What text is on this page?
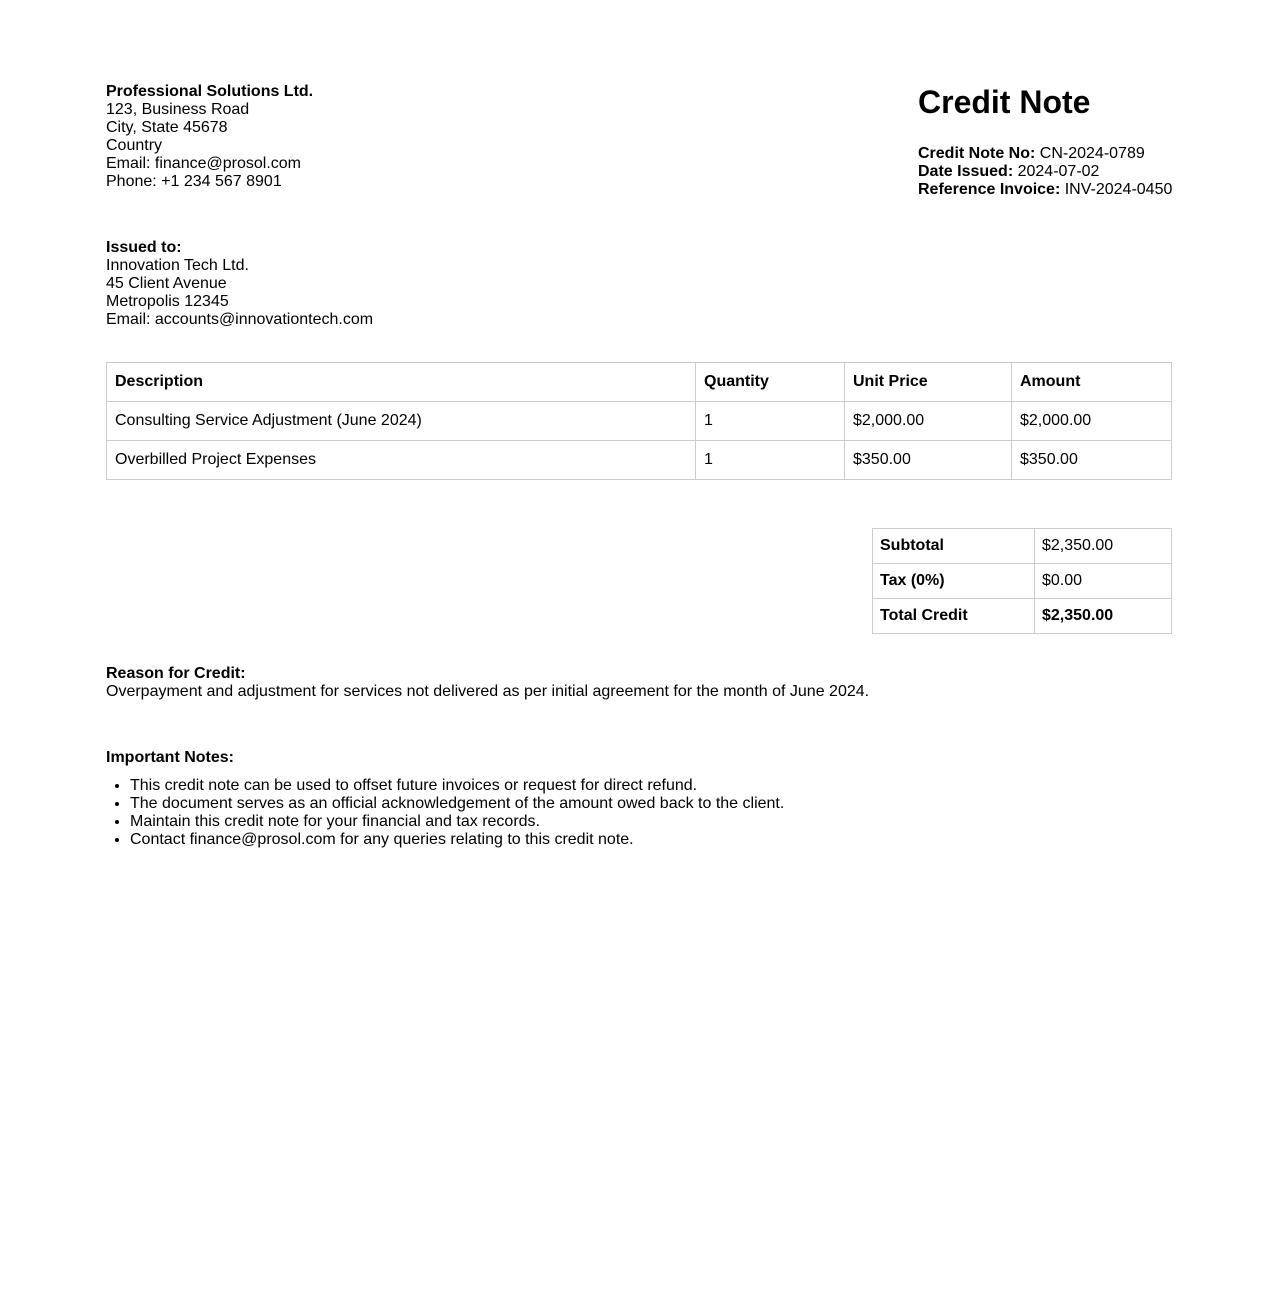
Professional Solutions Ltd.
123, Business Road
City, State 45678
Country
Email: finance@prosol.com
Phone: +1 234 567 8901
Credit Note
Credit Note No: CN-2024-0789
Date Issued: 2024-07-02
Reference Invoice: INV-2024-0450
Issued to:
Innovation Tech Ltd.
45 Client Avenue
Metropolis 12345
Email: accounts@innovationtech.com
Description	Quantity	Unit Price	Amount
Consulting Service Adjustment (June 2024)	1	$2,000.00	$2,000.00
Overbilled Project Expenses	1	$350.00	$350.00
Subtotal	$2,350.00
Tax (0%)	$0.00
Total Credit	$2,350.00
Reason for Credit:
Overpayment and adjustment for services not delivered as per initial agreement for the month of June 2024.
Important Notes:
• This credit note can be used to offset future invoices or request for direct refund.
• The document serves as an official acknowledgement of the amount owed back to the client.
• Maintain this credit note for your financial and tax records.
• Contact finance@prosol.com for any queries relating to this credit note.
